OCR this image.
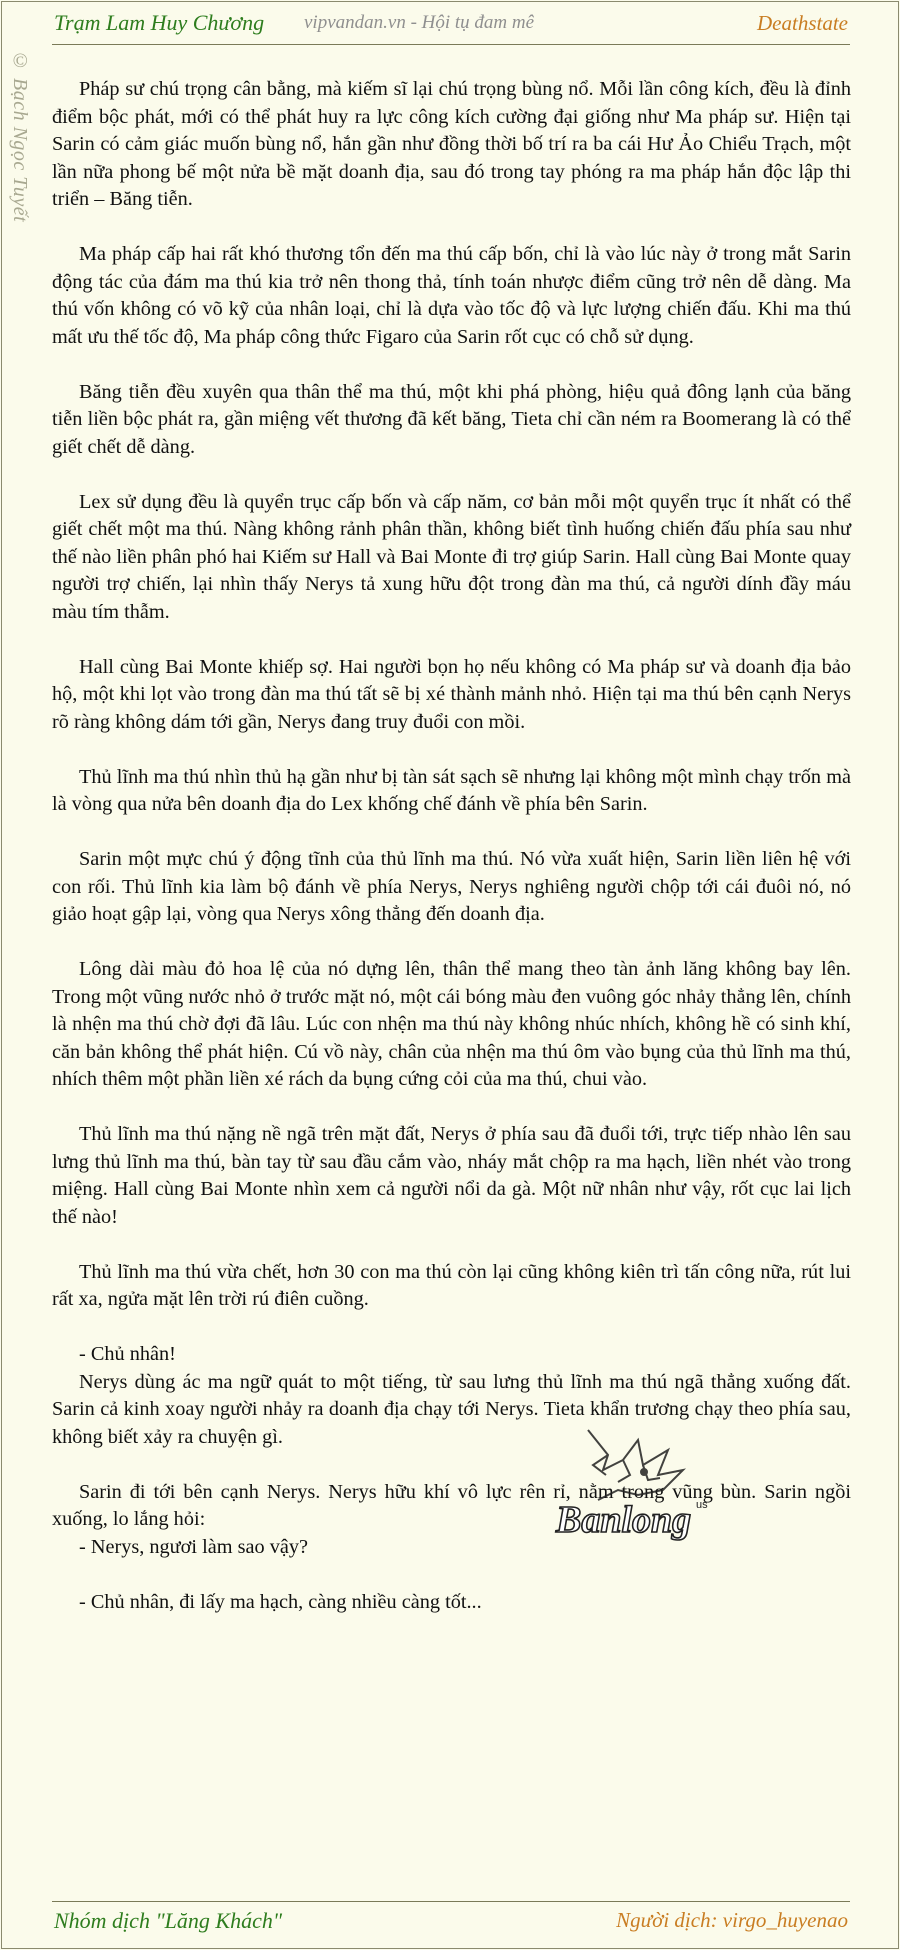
Trạm Lam Huy Chương vipvandan.vn - Hội tụ đam mê	Deathstate
© Bạch Ngọc Tuyết	Pháp sư chú trọng cân bằng, mà kiếm sĩ lại chú trọng bùng nổ. Mỗi lần công kích, đều là đỉnh điểm bộc phát, mới có thể phát huy ra lực công kích cường đại giống như Ma pháp sư. Hiện tại Sarin có cảm giác muốn bùng nổ, hắn gần như đồng thời bố trí ra ba cái Hư Ảo Chiểu Trạch, một lần nữa phong bế một nửa bề mặt doanh địa, sau đó trong tay phóng ra ma pháp hắn độc lập thi triển – Băng tiễn.

Ma pháp cấp hai rất khó thương tổn đến ma thú cấp bốn, chỉ là vào lúc này ở trong mắt Sarin động tác của đám ma thú kia trở nên thong thả, tính toán nhược điểm cũng trở nên dễ dàng. Ma thú vốn không có võ kỹ của nhân loại, chỉ là dựa vào tốc độ và lực lượng chiến đấu. Khi ma thú mất ưu thế tốc độ, Ma pháp công thức Figaro của Sarin rốt cục có chỗ sử dụng.

Băng tiễn đều xuyên qua thân thể ma thú, một khi phá phòng, hiệu quả đông lạnh của băng tiễn liền bộc phát ra, gần miệng vết thương đã kết băng, Tieta chỉ cần ném ra Boomerang là có thể giết chết dễ dàng.

Lex sử dụng đều là quyển trục cấp bốn và cấp năm, cơ bản mỗi một quyển trục ít nhất có thể giết chết một ma thú. Nàng không rảnh phân thần, không biết tình huống chiến đấu phía sau như thế nào liền phân phó hai Kiếm sư Hall và Bai Monte đi trợ giúp Sarin. Hall cùng Bai Monte quay người trợ chiến, lại nhìn thấy Nerys tả xung hữu đột trong đàn ma thú, cả người dính đầy máu màu tím thẫm.

Hall cùng Bai Monte khiếp sợ. Hai người bọn họ nếu không có Ma pháp sư và doanh địa bảo hộ, một khi lọt vào trong đàn ma thú tất sẽ bị xé thành mảnh nhỏ. Hiện tại ma thú bên cạnh Nerys rõ ràng không dám tới gần, Nerys đang truy đuổi con mồi.

Thủ lĩnh ma thú nhìn thủ hạ gần như bị tàn sát sạch sẽ nhưng lại không một mình chạy trốn mà là vòng qua nửa bên doanh địa do Lex khống chế đánh về phía bên Sarin.

Sarin một mực chú ý động tĩnh của thủ lĩnh ma thú. Nó vừa xuất hiện, Sarin liền liên hệ với con rối. Thủ lĩnh kia làm bộ đánh về phía Nerys, Nerys nghiêng người chộp tới cái đuôi nó, nó giảo hoạt gập lại, vòng qua Nerys xông thẳng đến doanh địa.

Lông dài màu đỏ hoa lệ của nó dựng lên, thân thể mang theo tàn ảnh lăng không bay lên. Trong một vũng nước nhỏ ở trước mặt nó, một cái bóng màu đen vuông góc nhảy thẳng lên, chính là nhện ma thú chờ đợi đã lâu. Lúc con nhện ma thú này không nhúc nhích, không hề có sinh khí, căn bản không thể phát hiện. Cú vồ này, chân của nhện ma thú ôm vào bụng của thủ lĩnh ma thú, nhích thêm một phần liền xé rách da bụng cứng cỏi của ma thú, chui vào.

Thủ lĩnh ma thú nặng nề ngã trên mặt đất, Nerys ở phía sau đã đuổi tới, trực tiếp nhào lên sau lưng thủ lĩnh ma thú, bàn tay từ sau đầu cắm vào, nháy mắt chộp ra ma hạch, liền nhét vào trong miệng. Hall cùng Bai Monte nhìn xem cả người nổi da gà. Một nữ nhân như vậy, rốt cục lai lịch thế nào!

Thủ lĩnh ma thú vừa chết, hơn 30 con ma thú còn lại cũng không kiên trì tấn công nữa, rút lui rất xa, ngửa mặt lên trời rú điên cuồng.

- Chủ nhân!

Nerys dùng ác ma ngữ quát to một tiếng, từ sau lưng thủ lĩnh ma thú ngã thẳng xuống đất. Sarin cả kinh xoay người nhảy ra doanh địa chạy tới Nerys. Tieta khẩn trương chạy theo phía sau, không biết xảy ra chuyện gì.

Sarin đi tới bên cạnh Nerys. Nerys hữu khí vô lực rên rỉ, nằm trong vũng bùn. Sarin ngồi xuống, lo lắng hỏi:

- Nerys, ngươi làm sao vậy?

- Chủ nhân, đi lấy ma hạch, càng nhiều càng tốt...

Banlong us
Nhóm dịch "Lăng Khách"	Người dịch: virgo_huyenao
